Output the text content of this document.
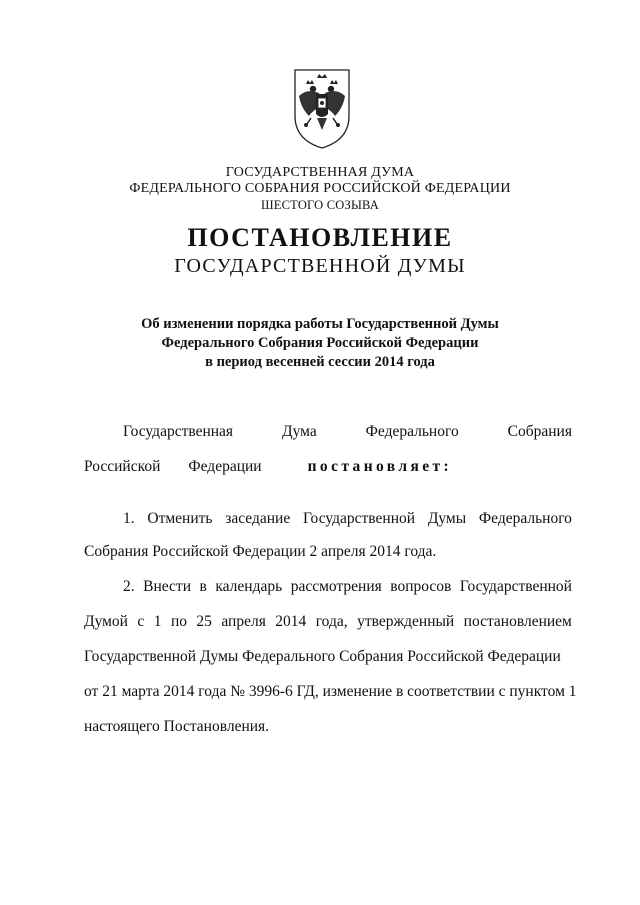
ГОСУДАРСТВЕННАЯ ДУМА
ФЕДЕРАЛЬНОГО СОБРАНИЯ РОССИЙСКОЙ ФЕДЕРАЦИИ
ШЕСТОГО СОЗЫВА
ПОСТАНОВЛЕНИЕ
ГОСУДАРСТВЕННОЙ ДУМЫ
Об изменении порядка работы Государственной Думы
Федерального Собрания Российской Федерации
в период весенней сессии 2014 года
Государственная	Дума	Федерального	Собрания
Российской Федерации	постановляет:
1. Отменить заседание Государственной Думы Федерального
Собрания Российской Федерации 2 апреля 2014 года.
2. Внести в календарь рассмотрения вопросов Государственной
Думой с 1 по 25 апреля 2014 года, утвержденный постановлением
Государственной Думы Федерального Собрания Российской Федерации
от 21 марта 2014 года № 3996-6 ГД, изменение в соответствии с пунктом 1
настоящего Постановления.
